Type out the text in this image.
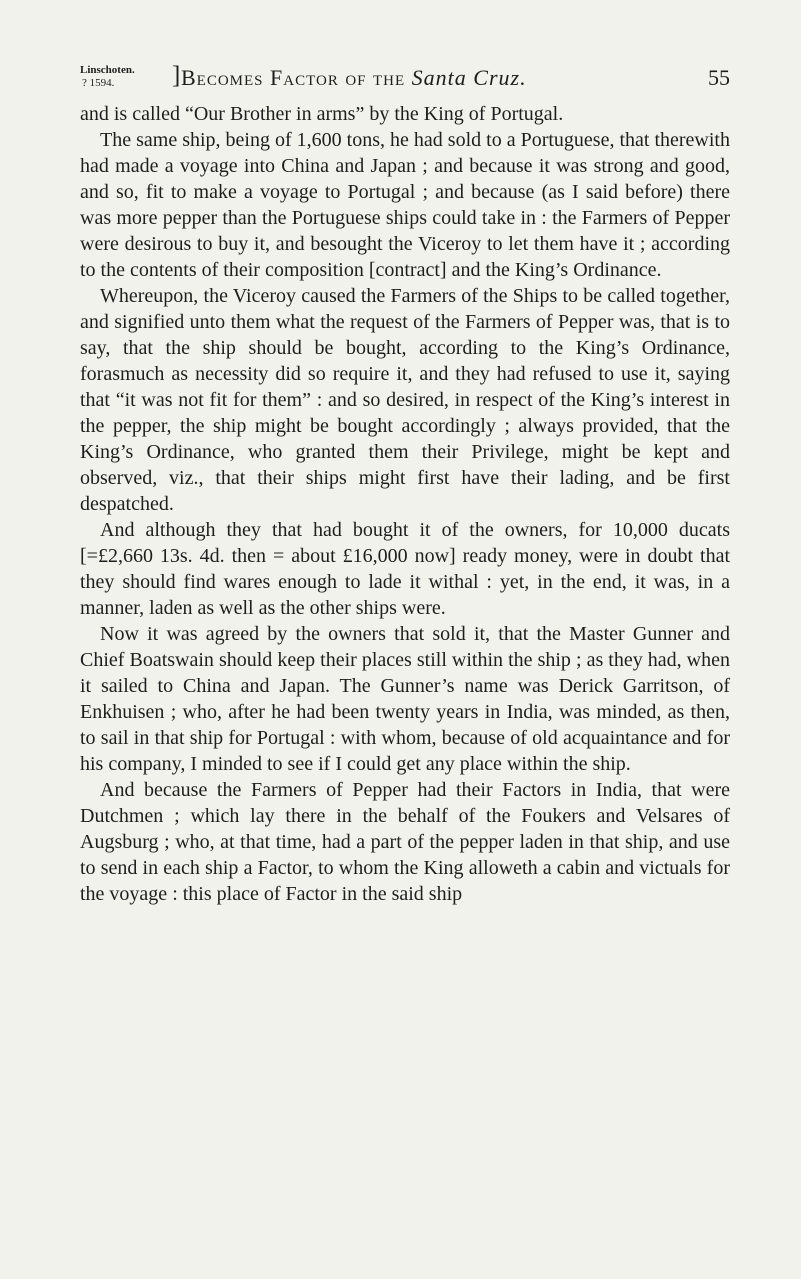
Linschoten.
? 1594.	] Becomes Factor of the Santa Cruz.	55

and is called “Our Brother in arms” by the King of Portugal.

The same ship, being of 1,600 tons, he had sold to a Portuguese, that therewith had made a voyage into China and Japan ; and because it was strong and good, and so, fit to make a voyage to Portugal ; and because (as I said before) there was more pepper than the Portuguese ships could take in : the Farmers of Pepper were desirous to buy it, and besought the Viceroy to let them have it ; according to the contents of their composition [contract] and the King’s Ordinance.

Whereupon, the Viceroy caused the Farmers of the Ships to be called together, and signified unto them what the request of the Farmers of Pepper was, that is to say, that the ship should be bought, according to the King’s Ordinance, forasmuch as necessity did so require it, and they had refused to use it, saying that “it was not fit for them” : and so desired, in respect of the King’s interest in the pepper, the ship might be bought accordingly ; always provided, that the King’s Ordinance, who granted them their Privilege, might be kept and observed, viz., that their ships might first have their lading, and be first despatched.

And although they that had bought it of the owners, for 10,000 ducats [=£2,660 13s. 4d. then = about £16,000 now] ready money, were in doubt that they should find wares enough to lade it withal : yet, in the end, it was, in a manner, laden as well as the other ships were.

Now it was agreed by the owners that sold it, that the Master Gunner and Chief Boatswain should keep their places still within the ship ; as they had, when it sailed to China and Japan. The Gunner’s name was Derick Garritson, of Enkhuisen ; who, after he had been twenty years in India, was minded, as then, to sail in that ship for Portugal : with whom, because of old acquaintance and for his company, I minded to see if I could get any place within the ship.

And because the Farmers of Pepper had their Factors in India, that were Dutchmen ; which lay there in the behalf of the Foukers and Velsares of Augsburg ; who, at that time, had a part of the pepper laden in that ship, and use to send in each ship a Factor, to whom the King alloweth a cabin and victuals for the voyage : this place of Factor in the said ship
